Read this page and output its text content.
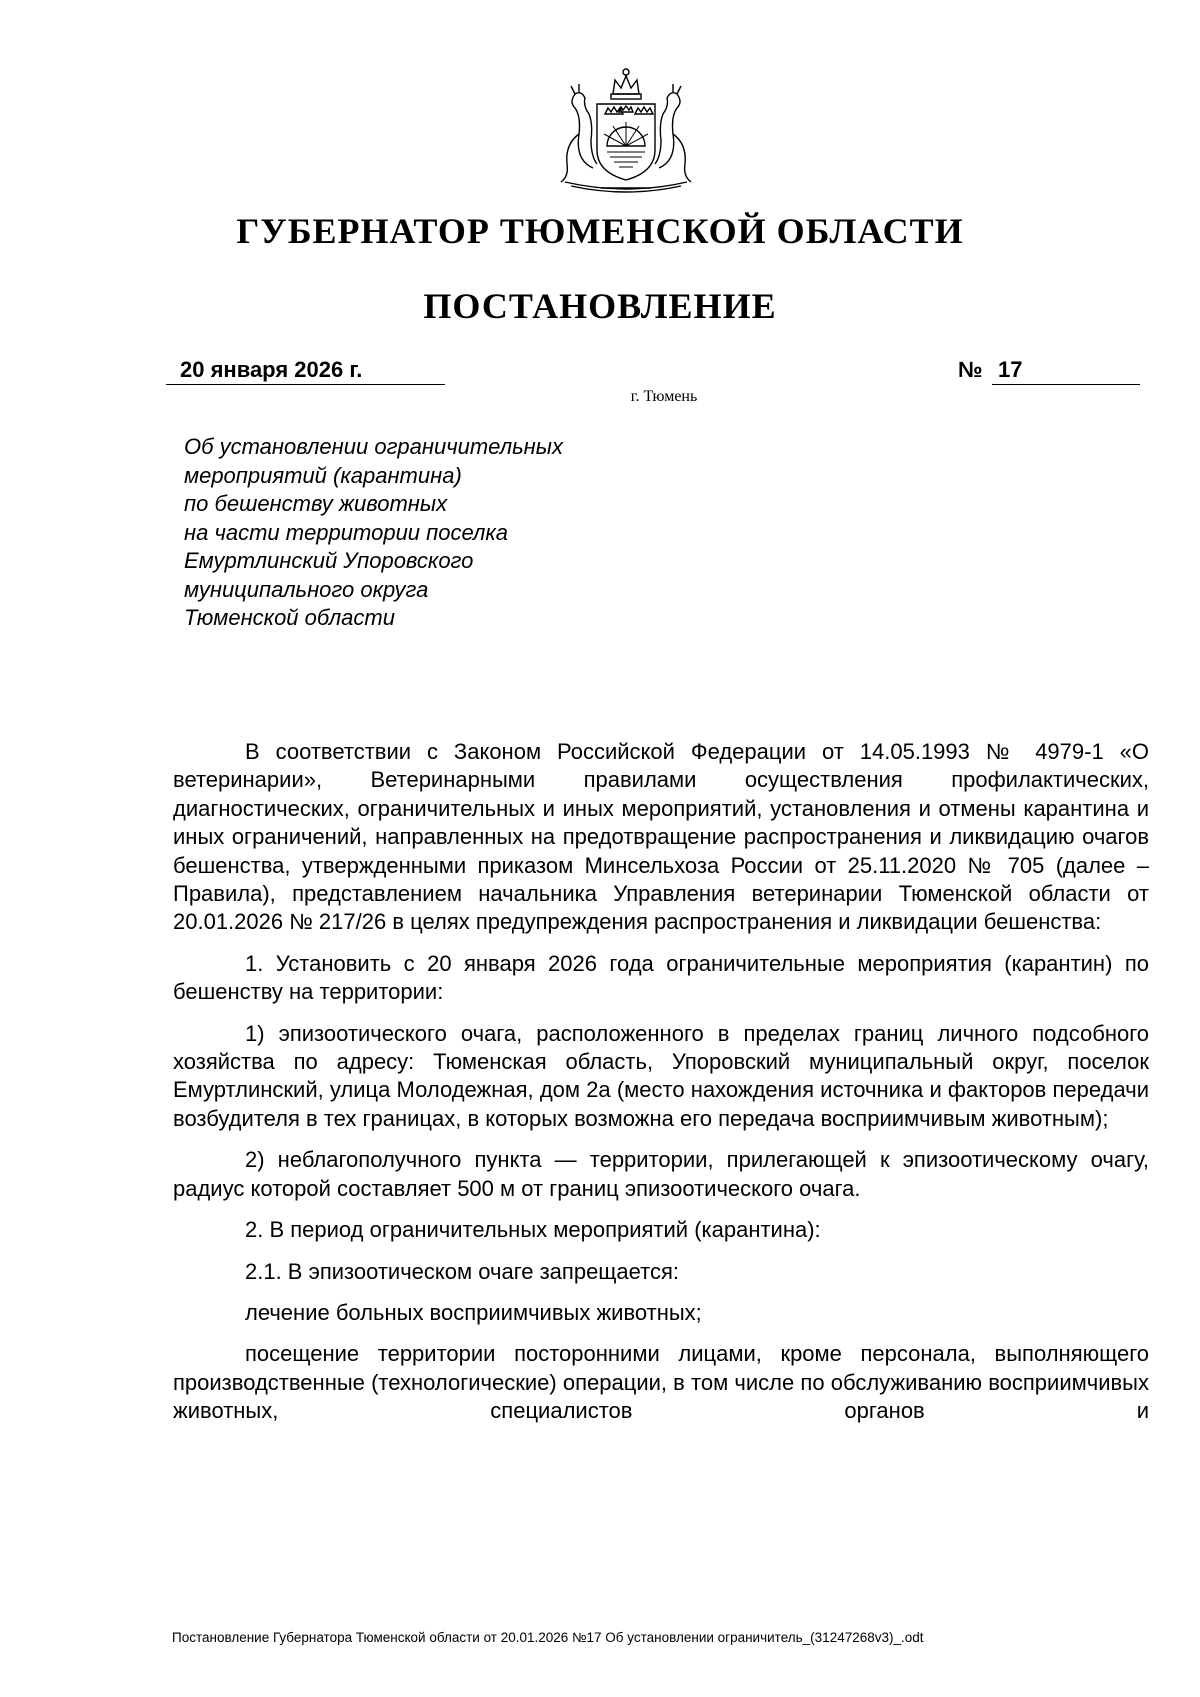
ГУБЕРНАТОР ТЮМЕНСКОЙ ОБЛАСТИ
ПОСТАНОВЛЕНИЕ
20 января 2026 г.	№ 17
г. Тюмень
Об установлении ограничительных
мероприятий (карантина)
по бешенству животных
на части территории поселка
Емуртлинский Упоровского
муниципального округа
Тюменской области

В соответствии с Законом Российской Федерации от 14.05.1993 № 4979-1 «О ветеринарии», Ветеринарными правилами осуществления профилактических, диагностических, ограничительных и иных мероприятий, установления и отмены карантина и иных ограничений, направленных на предотвращение распространения и ликвидацию очагов бешенства, утвержденными приказом Минсельхоза России от 25.11.2020 № 705 (далее – Правила), представлением начальника Управления ветеринарии Тюменской области от 20.01.2026 № 217/26 в целях предупреждения распространения и ликвидации бешенства:

1. Установить с 20 января 2026 года ограничительные мероприятия (карантин) по бешенству на территории:

1) эпизоотического очага, расположенного в пределах границ личного подсобного хозяйства по адресу: Тюменская область, Упоровский муниципальный округ, поселок Емуртлинский, улица Молодежная, дом 2а (место нахождения источника и факторов передачи возбудителя в тех границах, в которых возможна его передача восприимчивым животным);

2) неблагополучного пункта — территории, прилегающей к эпизоотическому очагу, радиус которой составляет 500 м от границ эпизоотического очага.

2. В период ограничительных мероприятий (карантина):

2.1. В эпизоотическом очаге запрещается:

лечение больных восприимчивых животных;

посещение территории посторонними лицами, кроме персонала, выполняющего производственные (технологические) операции, в том числе по обслуживанию восприимчивых животных, специалистов органов и

Постановление Губернатора Тюменской области от 20.01.2026 №17 Об установлении ограничитель_(31247268v3)_.odt
